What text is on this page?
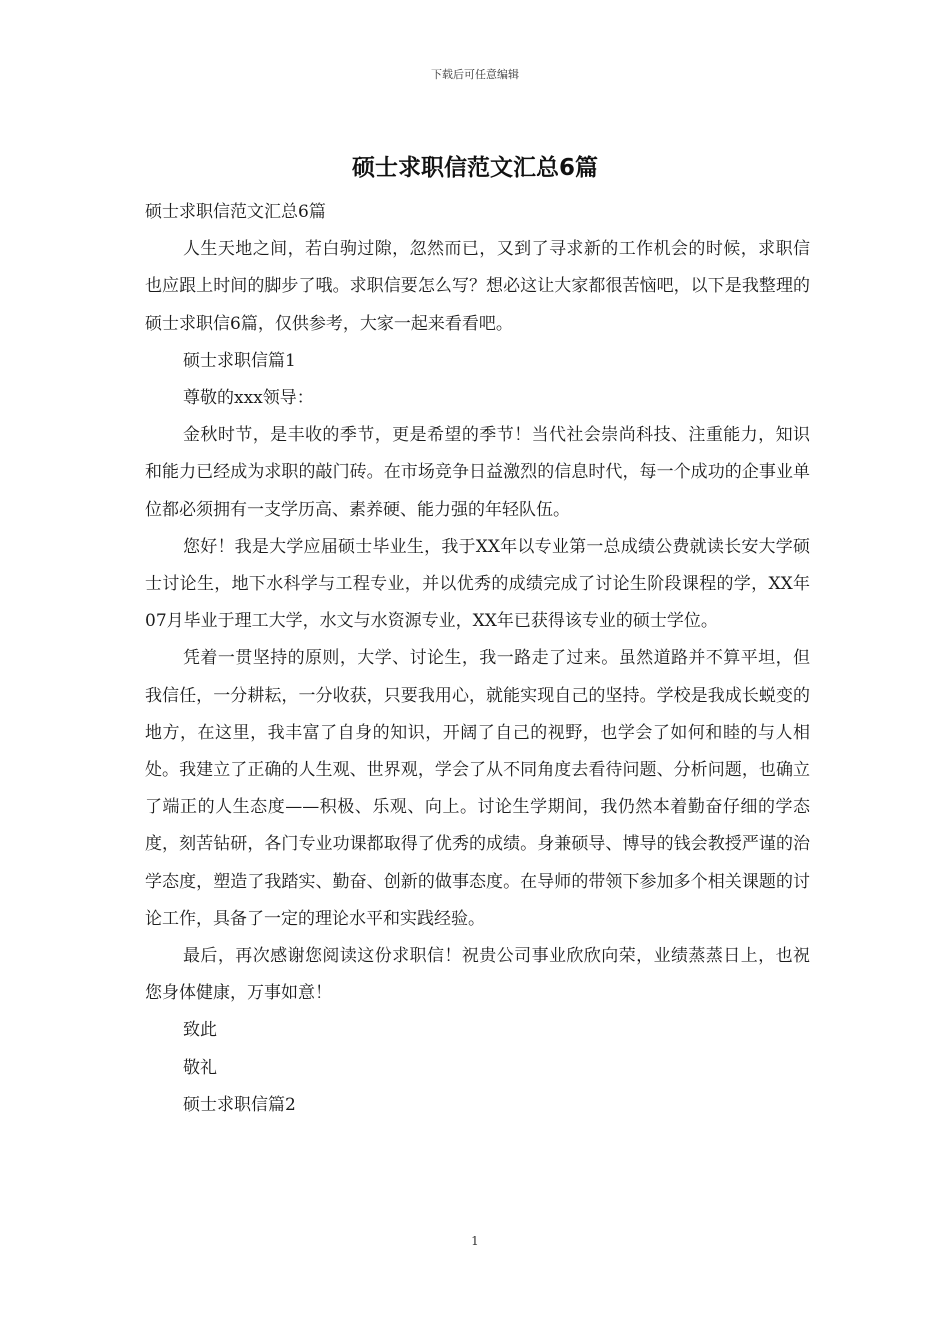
下载后可任意编辑
硕士求职信范文汇总6篇

硕士求职信范文汇总6篇

人生天地之间，若白驹过隙，忽然而已，又到了寻求新的工作机会的时候，求职信也应跟上时间的脚步了哦。求职信要怎么写？想必这让大家都很苦恼吧，以下是我整理的硕士求职信6篇，仅供参考，大家一起来看看吧。

硕士求职信篇1

尊敬的xxx领导：

金秋时节，是丰收的季节，更是希望的季节！当代社会崇尚科技、注重能力，知识和能力已经成为求职的敲门砖。在市场竞争日益激烈的信息时代，每一个成功的企事业单位都必须拥有一支学历高、素养硬、能力强的年轻队伍。

您好！我是大学应届硕士毕业生，我于XX年以专业第一总成绩公费就读长安大学硕士讨论生，地下水科学与工程专业，并以优秀的成绩完成了讨论生阶段课程的学，XX年07月毕业于理工大学，水文与水资源专业，XX年已获得该专业的硕士学位。

凭着一贯坚持的原则，大学、讨论生，我一路走了过来。虽然道路并不算平坦，但我信任，一分耕耘，一分收获，只要我用心，就能实现自己的坚持。学校是我成长蜕变的地方，在这里，我丰富了自身的知识，开阔了自己的视野，也学会了如何和睦的与人相处。我建立了正确的人生观、世界观，学会了从不同角度去看待问题、分析问题，也确立了端正的人生态度——积极、乐观、向上。讨论生学期间，我仍然本着勤奋仔细的学态度，刻苦钻研，各门专业功课都取得了优秀的成绩。身兼硕导、博导的钱会教授严谨的治学态度，塑造了我踏实、勤奋、创新的做事态度。在导师的带领下参加多个相关课题的讨论工作，具备了一定的理论水平和实践经验。

最后，再次感谢您阅读这份求职信！祝贵公司事业欣欣向荣，业绩蒸蒸日上，也祝您身体健康，万事如意！

致此

敬礼

硕士求职信篇2

1
